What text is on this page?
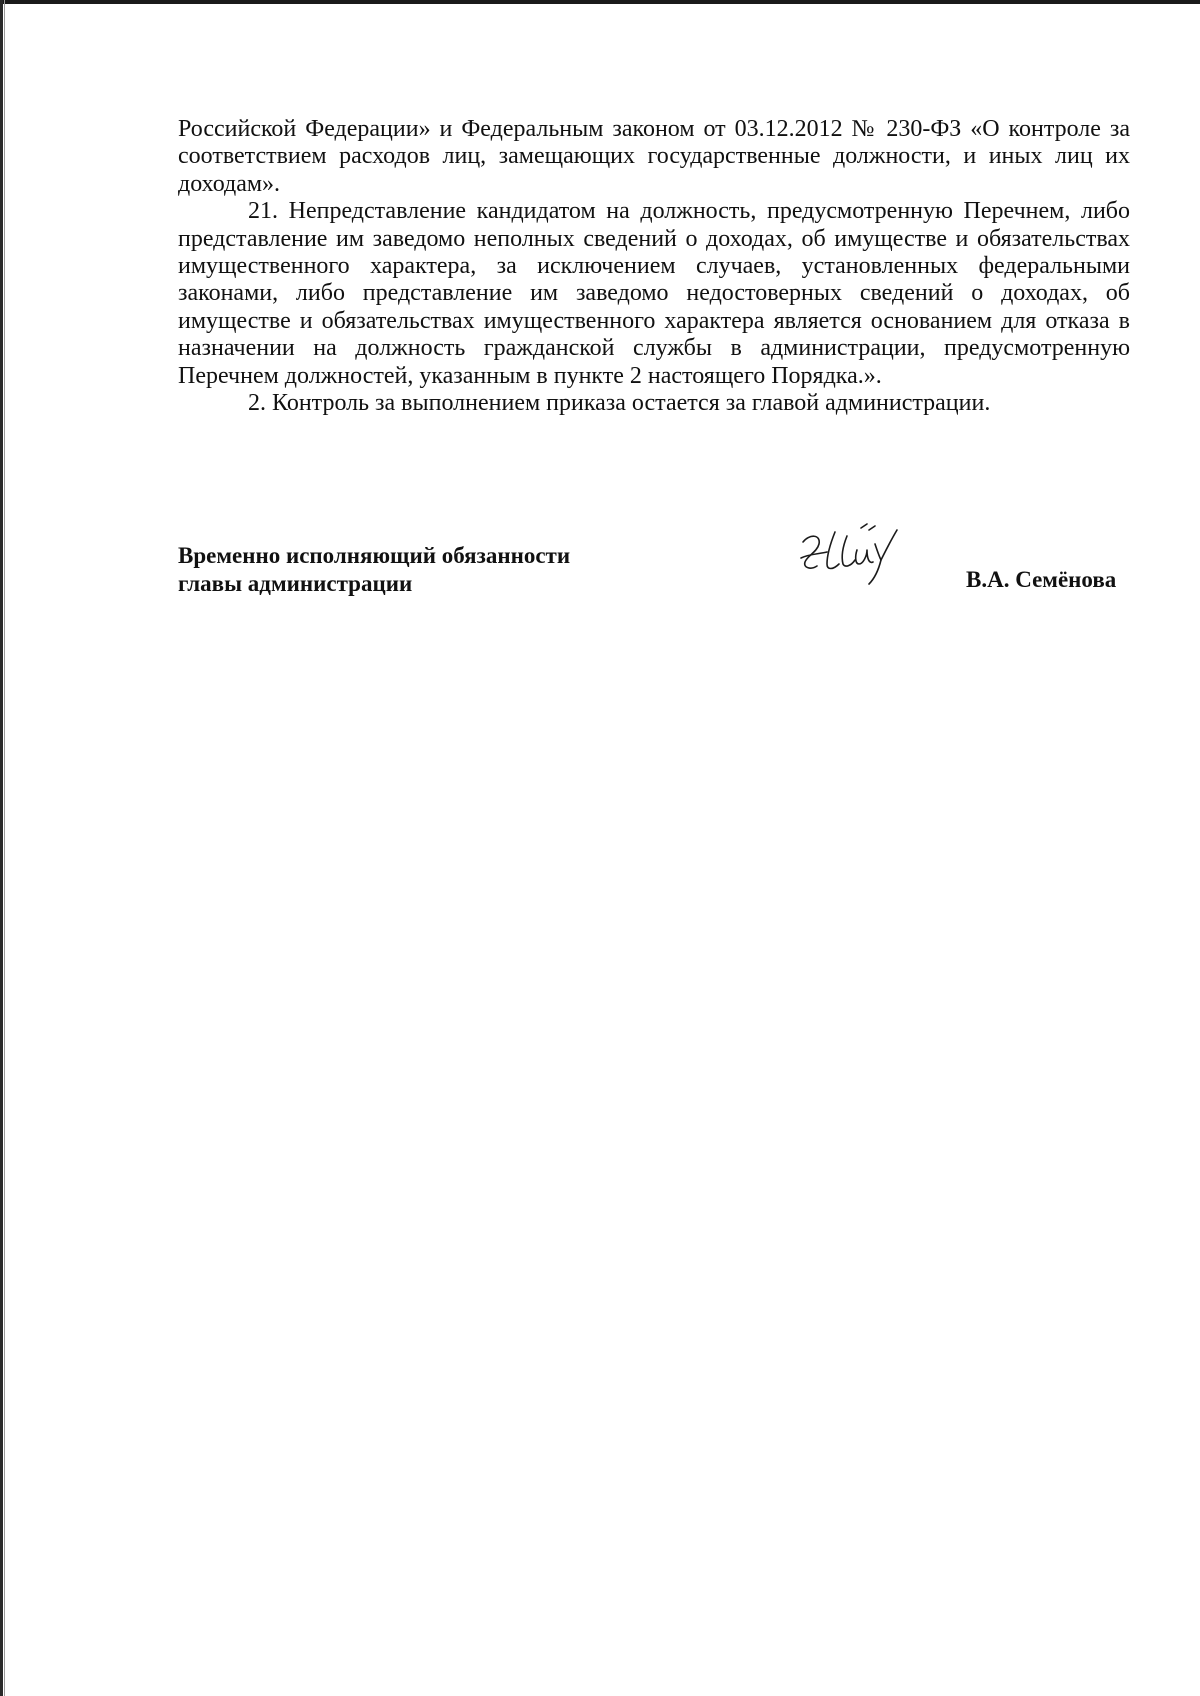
Российской Федерации» и Федеральным законом от 03.12.2012 № 230-ФЗ «О контроле за соответствием расходов лиц, замещающих государственные должности, и иных лиц их доходам».

21. Непредставление кандидатом на должность, предусмотренную Перечнем, либо представление им заведомо неполных сведений о доходах, об имуществе и обязательствах имущественного характера, за исключением случаев, установленных федеральными законами, либо представление им заведомо недостоверных сведений о доходах, об имуществе и обязательствах имущественного характера является основанием для отказа в назначении на должность гражданской службы в администрации, предусмотренную Перечнем должностей, указанным в пункте 2 настоящего Порядка.».

2. Контроль за выполнением приказа остается за главой администрации.

Временно исполняющий обязанности
главы администрации	В.А. Семёнова
